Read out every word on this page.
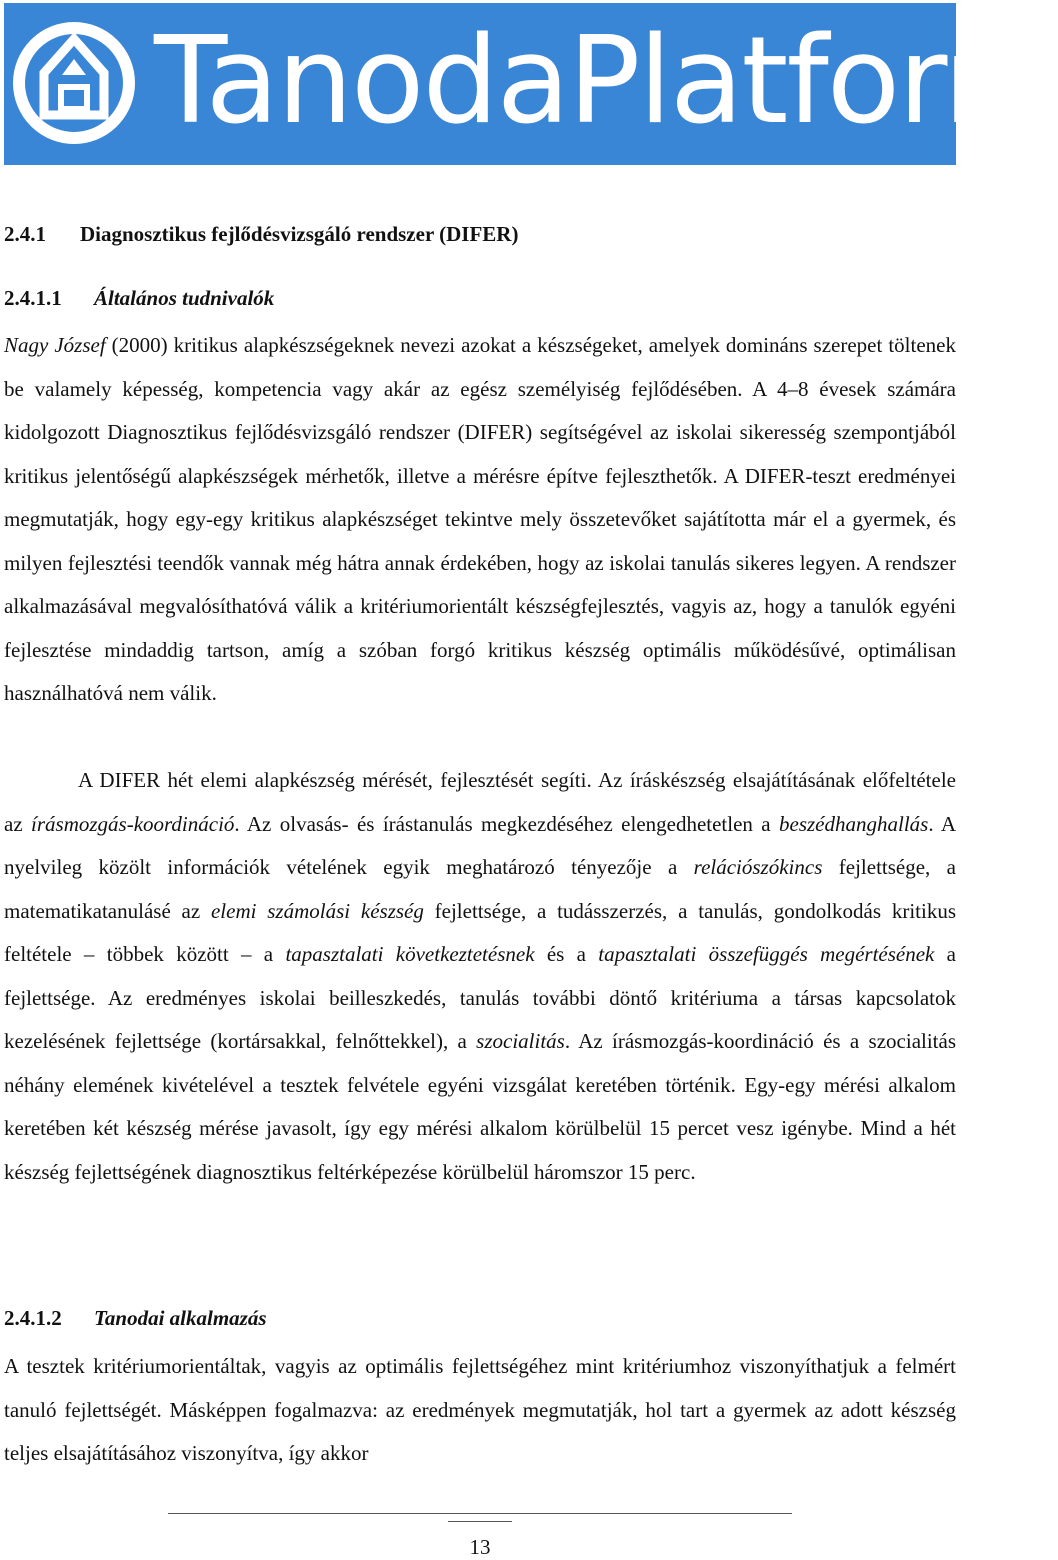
TanodaPlatform
2.4.1 Diagnosztikus fejlődésvizsgáló rendszer (DIFER)
2.4.1.1 Általános tudnivalók

Nagy József (2000) kritikus alapkészségeknek nevezi azokat a készségeket, amelyek domináns szerepet töltenek be valamely képesség, kompetencia vagy akár az egész személyiség fejlődésében. A 4–8 évesek számára kidolgozott Diagnosztikus fejlődésvizsgáló rendszer (DIFER) segítségével az iskolai sikeresség szempontjából kritikus jelentőségű alapkészségek mérhetők, illetve a mérésre építve fejleszthetők. A DIFER-teszt eredményei megmutatják, hogy egy-egy kritikus alapkészséget tekintve mely összetevőket sajátította már el a gyermek, és milyen fejlesztési teendők vannak még hátra annak érdekében, hogy az iskolai tanulás sikeres legyen. A rendszer alkalmazásával megvalósíthatóvá válik a kritériumorientált készségfejlesztés, vagyis az, hogy a tanulók egyéni fejlesztése mindaddig tartson, amíg a szóban forgó kritikus készség optimális működésűvé, optimálisan használhatóvá nem válik.

A DIFER hét elemi alapkészség mérését, fejlesztését segíti. Az íráskészség elsajátításának előfeltétele az írásmozgás-koordináció. Az olvasás- és írástanulás megkezdéséhez elengedhetetlen a beszédhanghallás. A nyelvileg közölt információk vételének egyik meghatározó tényezője a relációszókincs fejlettsége, a matematikatanulásé az elemi számolási készség fejlettsége, a tudásszerzés, a tanulás, gondolkodás kritikus feltétele – többek között – a tapasztalati következtetésnek és a tapasztalati összefüggés megértésének a fejlettsége. Az eredményes iskolai beilleszkedés, tanulás további döntő kritériuma a társas kapcsolatok kezelésének fejlettsége (kortársakkal, felnőttekkel), a szocialitás. Az írásmozgás-koordináció és a szocialitás néhány elemének kivételével a tesztek felvétele egyéni vizsgálat keretében történik. Egy-egy mérési alkalom keretében két készség mérése javasolt, így egy mérési alkalom körülbelül 15 percet vesz igénybe. Mind a hét készség fejlettségének diagnosztikus feltérképezése körülbelül háromszor 15 perc.

2.4.1.2 Tanodai alkalmazás

A tesztek kritériumorientáltak, vagyis az optimális fejlettségéhez mint kritériumhoz viszonyíthatjuk a felmért tanuló fejlettségét. Másképpen fogalmazva: az eredmények megmutatják, hol tart a gyermek az adott készség teljes elsajátításához viszonyítva, így akkor

13
